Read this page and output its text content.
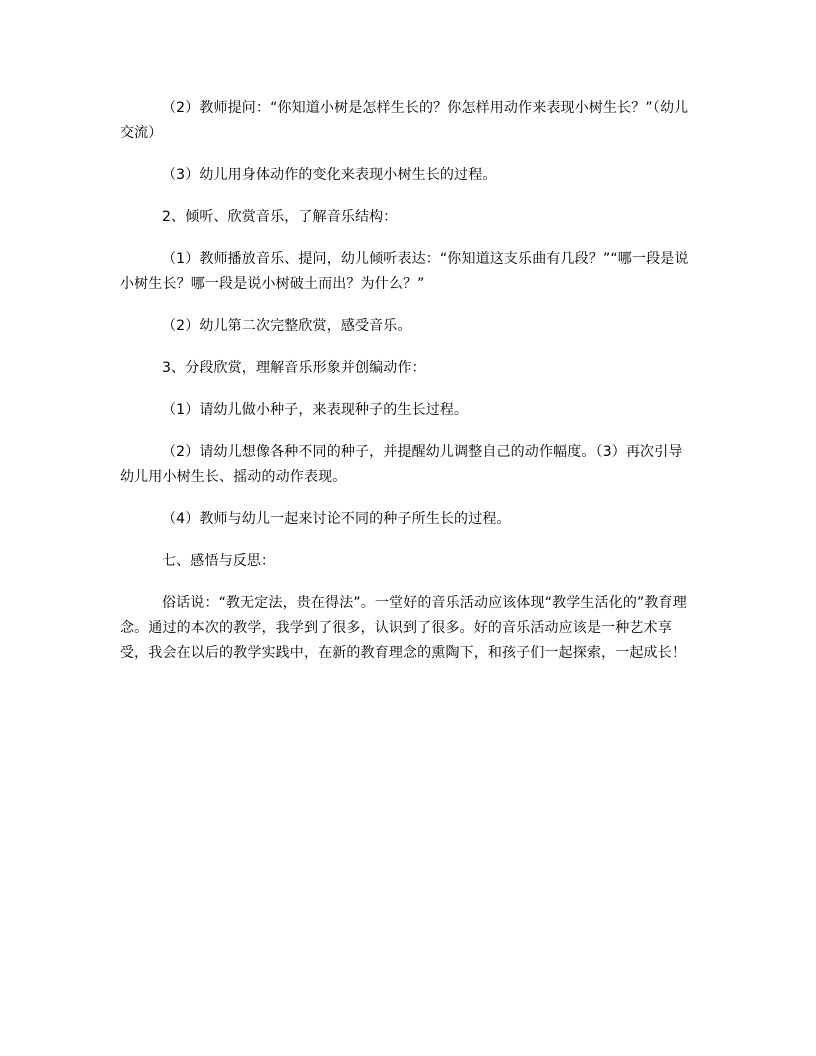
（2）教师提问：“你知道小树是怎样生长的？你怎样用动作来表现小树生长？”（幼儿交流）

（3）幼儿用身体动作的变化来表现小树生长的过程。

2、倾听、欣赏音乐，了解音乐结构：

（1）教师播放音乐、提问，幼儿倾听表达：“你知道这支乐曲有几段？”“哪一段是说小树生长？哪一段是说小树破土而出？为什么？”

（2）幼儿第二次完整欣赏，感受音乐。

3、分段欣赏，理解音乐形象并创编动作：

（1）请幼儿做小种子，来表现种子的生长过程。

（2）请幼儿想像各种不同的种子，并提醒幼儿调整自己的动作幅度。（3）再次引导幼儿用小树生长、摇动的动作表现。

（4）教师与幼儿一起来讨论不同的种子所生长的过程。

七、感悟与反思：

俗话说：“教无定法，贵在得法”。一堂好的音乐活动应该体现“教学生活化的”教育理念。通过的本次的教学，我学到了很多，认识到了很多。好的音乐活动应该是一种艺术享受，我会在以后的教学实践中，在新的教育理念的熏陶下，和孩子们一起探索，一起成长！
